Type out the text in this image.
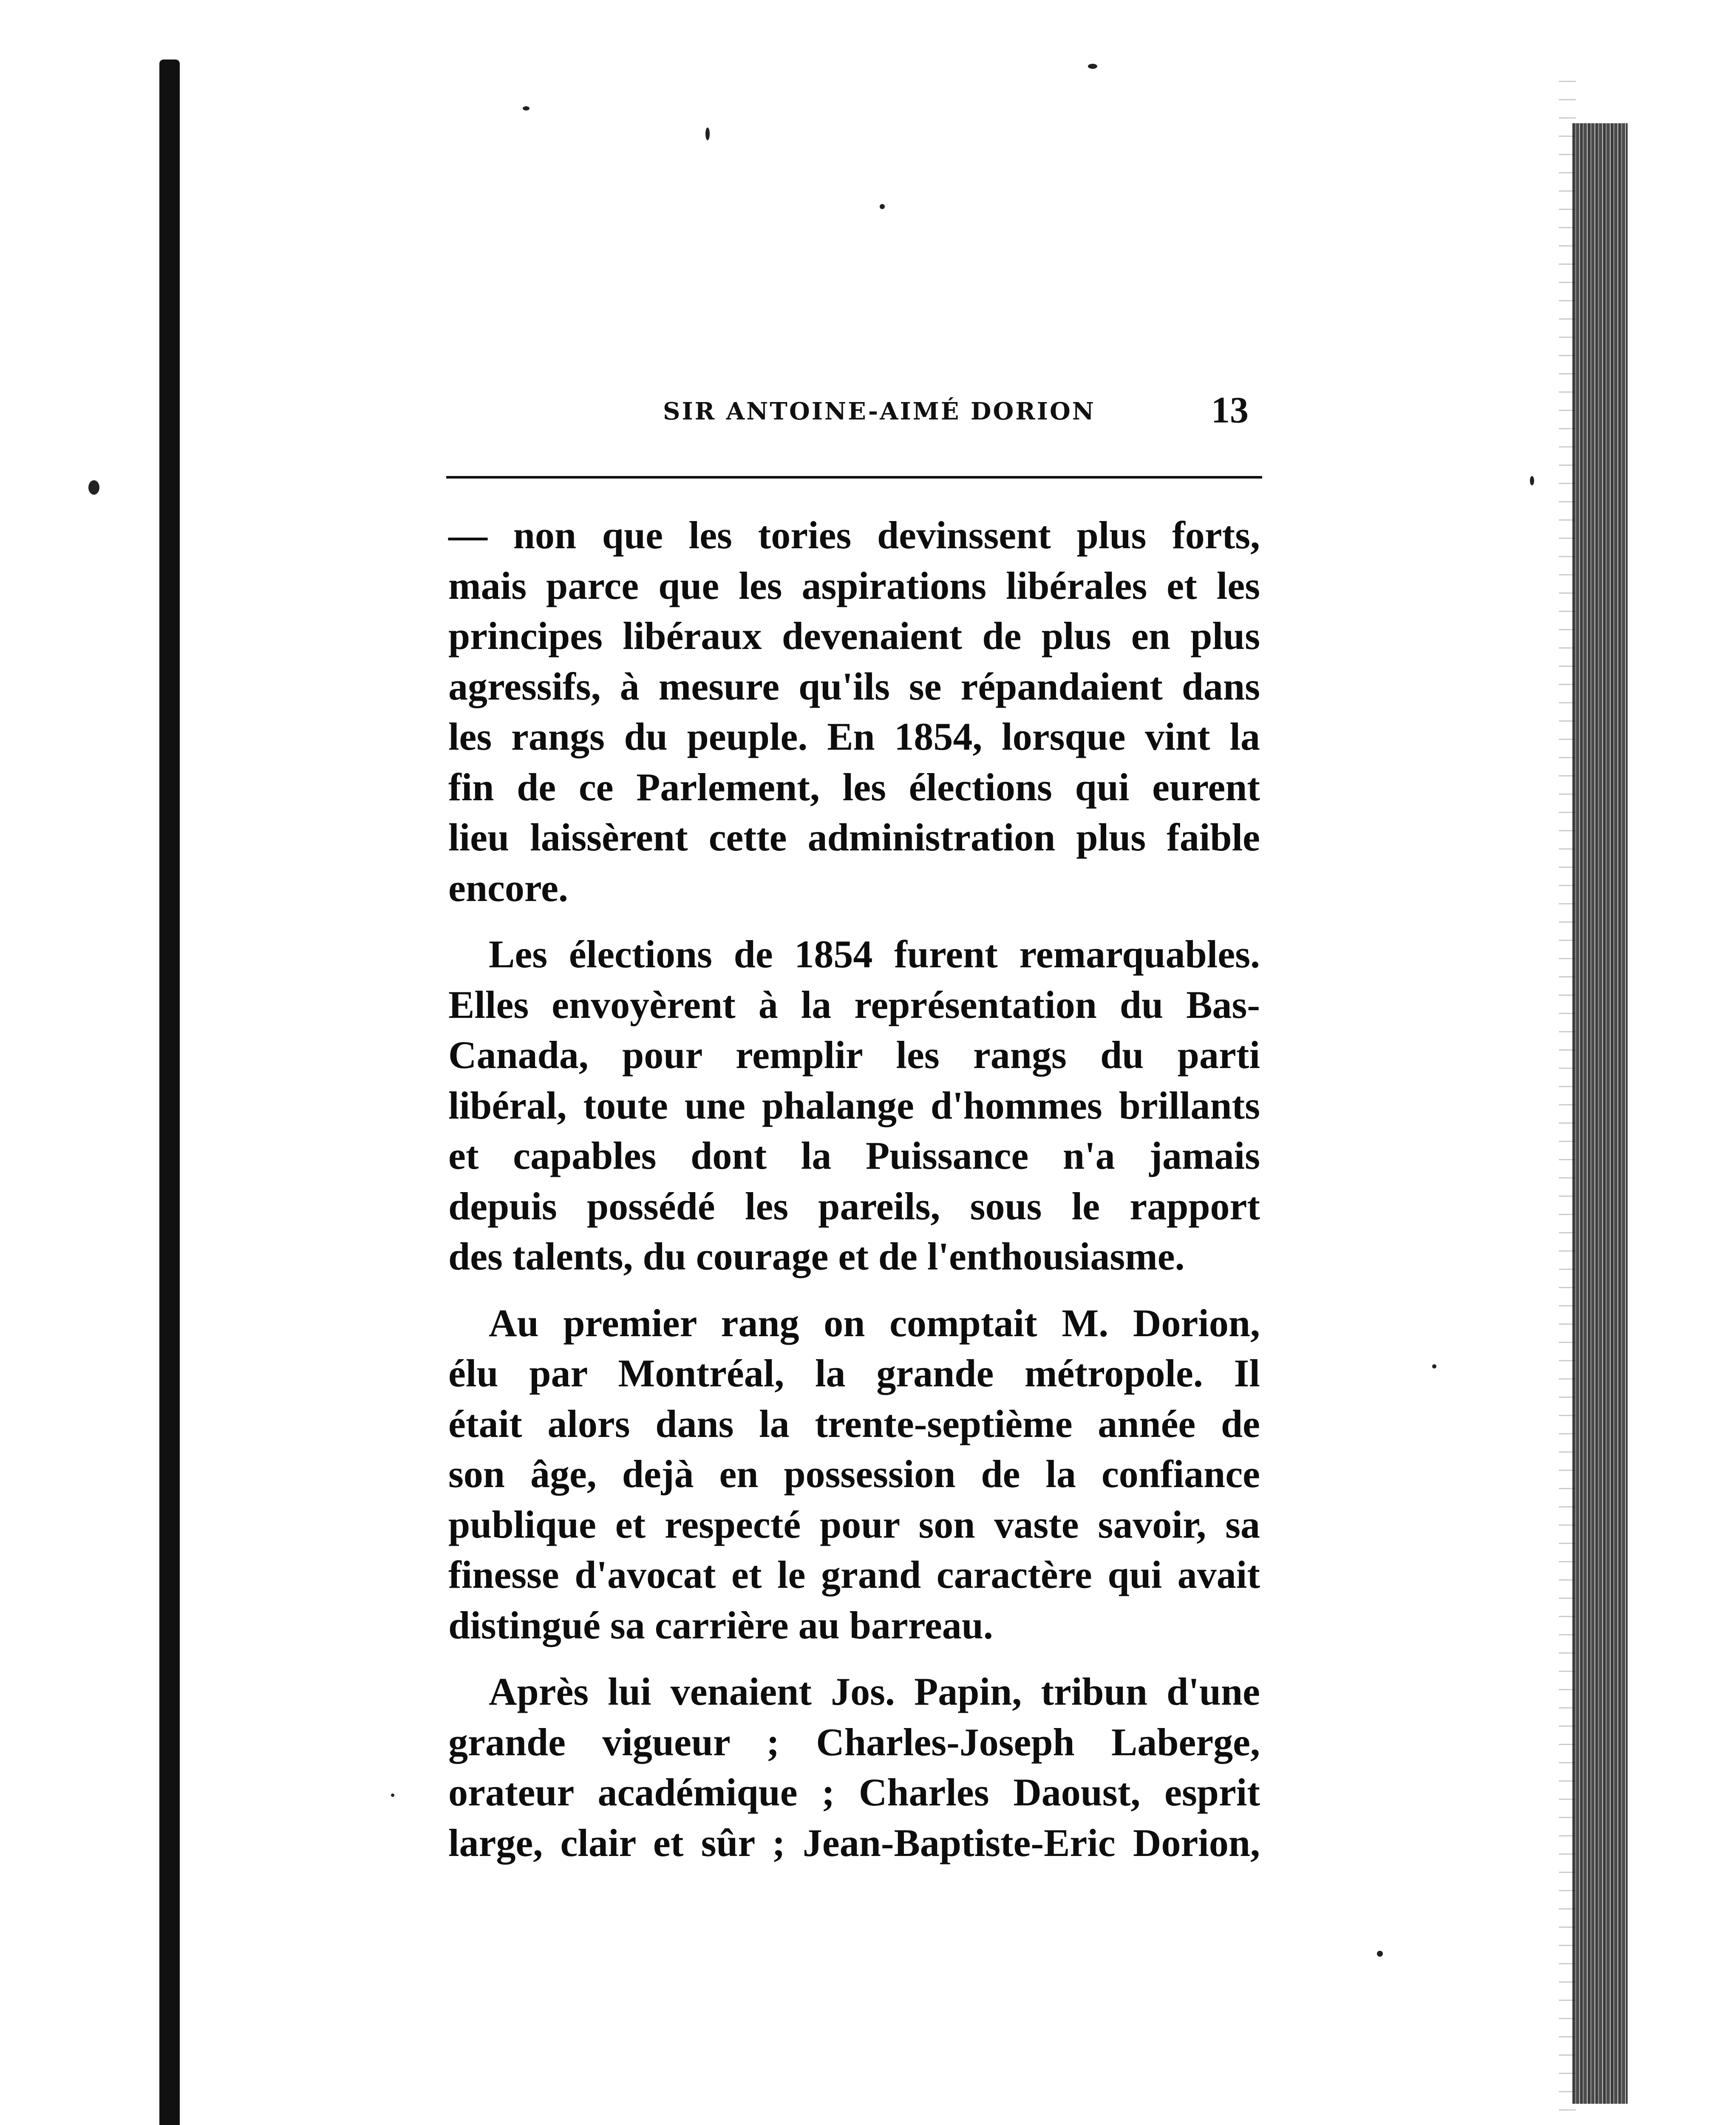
SIR ANTOINE-AIMÉ DORION	13
— non que les tories devinssent plus forts,
mais parce que les aspirations libérales et les
principes libéraux devenaient de plus en plus
agressifs, à mesure qu'ils se répandaient dans
les rangs du peuple. En 1854, lorsque vint la
fin de ce Parlement, les élections qui eurent
lieu laissèrent cette administration plus faible
encore.
Les élections de 1854 furent remarquables.
Elles envoyèrent à la représentation du Bas-
Canada, pour remplir les rangs du parti
libéral, toute une phalange d'hommes brillants
et capables dont la Puissance n'a jamais
depuis possédé les pareils, sous le rapport
des talents, du courage et de l'enthousiasme.
Au premier rang on comptait M. Dorion,
élu par Montréal, la grande métropole. Il
était alors dans la trente-septième année de
son âge, dejà en possession de la confiance
publique et respecté pour son vaste savoir, sa
finesse d'avocat et le grand caractère qui avait
distingué sa carrière au barreau.
Après lui venaient Jos. Papin, tribun d'une
grande vigueur ; Charles-Joseph Laberge,
orateur académique ; Charles Daoust, esprit
large, clair et sûr ; Jean-Baptiste-Eric Dorion,
